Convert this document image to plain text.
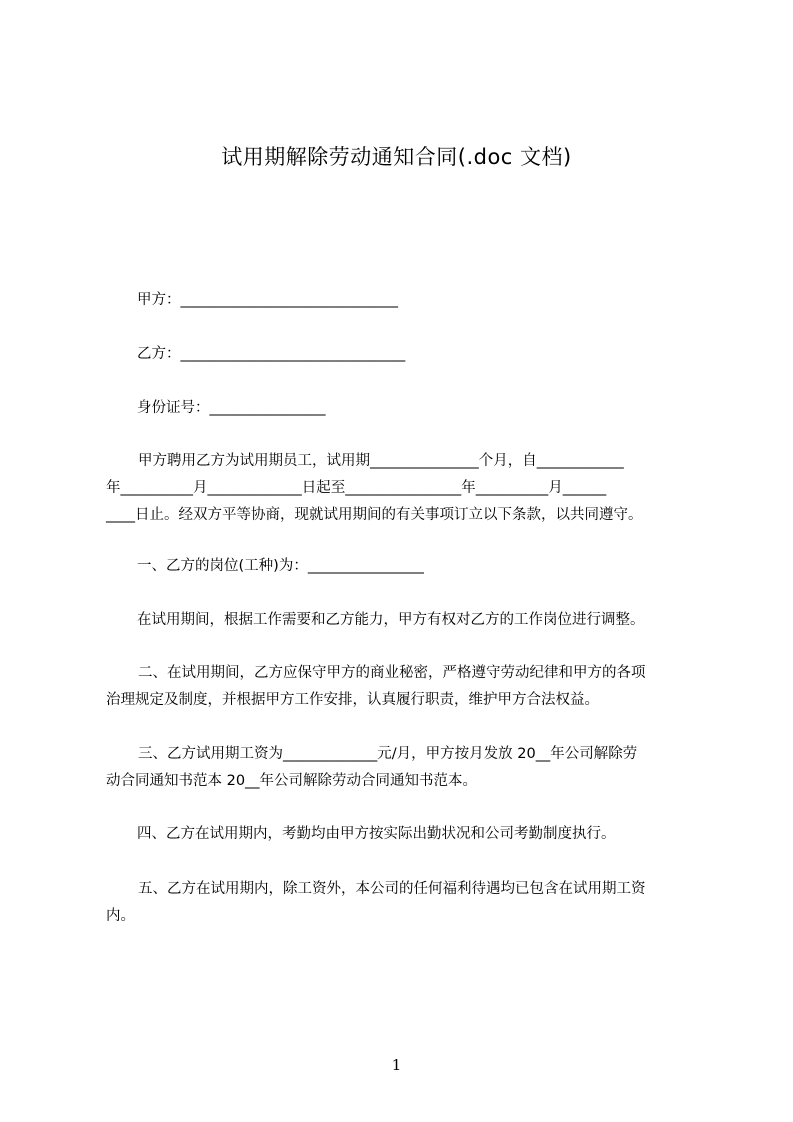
试用期解除劳动通知合同(.doc 文档)
甲方：______________________________
乙方：_______________________________
身份证号：________________
甲方聘用乙方为试用期员工，试用期_______________个月，自____________
年__________月_____________日起至________________年__________月______
____日止。经双方平等协商，现就试用期间的有关事项订立以下条款，以共同遵守。
一、乙方的岗位(工种)为：________________
在试用期间，根据工作需要和乙方能力，甲方有权对乙方的工作岗位进行调整。
二、在试用期间，乙方应保守甲方的商业秘密，严格遵守劳动纪律和甲方的各项
治理规定及制度，并根据甲方工作安排，认真履行职责，维护甲方合法权益。
三、乙方试用期工资为_____________元/月，甲方按月发放 20__年公司解除劳
动合同通知书范本 20__年公司解除劳动合同通知书范本。
四、乙方在试用期内，考勤均由甲方按实际出勤状况和公司考勤制度执行。
五、乙方在试用期内，除工资外，本公司的任何福利待遇均已包含在试用期工资
内。
1
